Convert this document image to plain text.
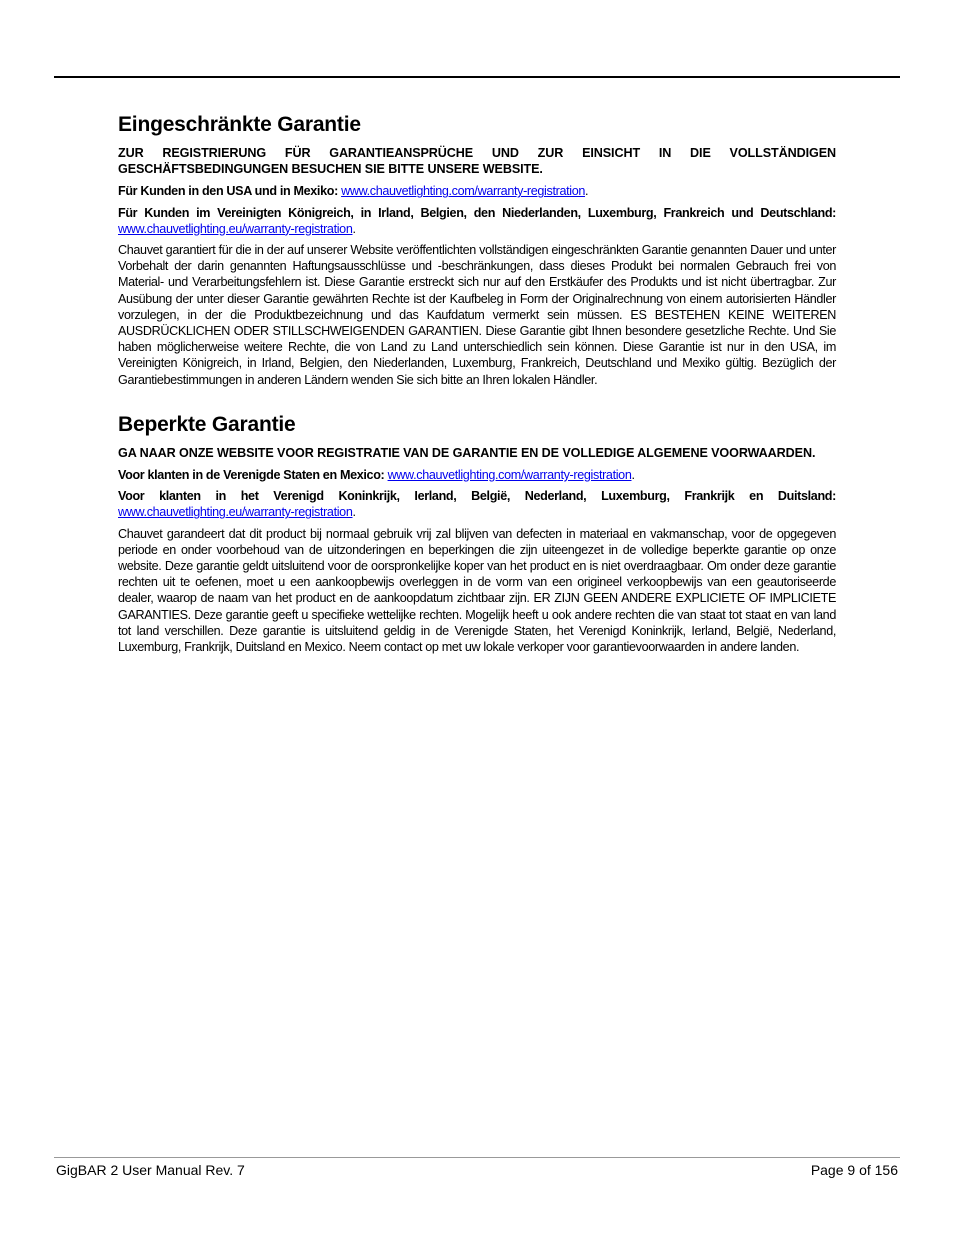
Eingeschränkte Garantie

ZUR REGISTRIERUNG FÜR GARANTIEANSPRÜCHE UND ZUR EINSICHT IN DIE VOLLSTÄNDIGEN GESCHÄFTSBEDINGUNGEN BESUCHEN SIE BITTE UNSERE WEBSITE.

Für Kunden in den USA und in Mexiko: www.chauvetlighting.com/warranty-registration.

Für Kunden im Vereinigten Königreich, in Irland, Belgien, den Niederlanden, Luxemburg, Frankreich und Deutschland: www.chauvetlighting.eu/warranty-registration.

Chauvet garantiert für die in der auf unserer Website veröffentlichten vollständigen eingeschränkten Garantie genannten Dauer und unter Vorbehalt der darin genannten Haftungsausschlüsse und -beschränkungen, dass dieses Produkt bei normalen Gebrauch frei von Material- und Verarbeitungsfehlern ist. Diese Garantie erstreckt sich nur auf den Erstkäufer des Produkts und ist nicht übertragbar. Zur Ausübung der unter dieser Garantie gewährten Rechte ist der Kaufbeleg in Form der Originalrechnung von einem autorisierten Händler vorzulegen, in der die Produktbezeichnung und das Kaufdatum vermerkt sein müssen. ES BESTEHEN KEINE WEITEREN AUSDRÜCKLICHEN ODER STILLSCHWEIGENDEN GARANTIEN. Diese Garantie gibt Ihnen besondere gesetzliche Rechte. Und Sie haben möglicherweise weitere Rechte, die von Land zu Land unterschiedlich sein können. Diese Garantie ist nur in den USA, im Vereinigten Königreich, in Irland, Belgien, den Niederlanden, Luxemburg, Frankreich, Deutschland und Mexiko gültig. Bezüglich der Garantiebestimmungen in anderen Ländern wenden Sie sich bitte an Ihren lokalen Händler.

Beperkte Garantie

GA NAAR ONZE WEBSITE VOOR REGISTRATIE VAN DE GARANTIE EN DE VOLLEDIGE ALGEMENE VOORWAARDEN.

Voor klanten in de Verenigde Staten en Mexico: www.chauvetlighting.com/warranty-registration.

Voor klanten in het Verenigd Koninkrijk, Ierland, België, Nederland, Luxemburg, Frankrijk en Duitsland: www.chauvetlighting.eu/warranty-registration.

Chauvet garandeert dat dit product bij normaal gebruik vrij zal blijven van defecten in materiaal en vakmanschap, voor de opgegeven periode en onder voorbehoud van de uitzonderingen en beperkingen die zijn uiteengezet in de volledige beperkte garantie op onze website. Deze garantie geldt uitsluitend voor de oorspronkelijke koper van het product en is niet overdraagbaar. Om onder deze garantie rechten uit te oefenen, moet u een aankoopbewijs overleggen in de vorm van een origineel verkoopbewijs van een geautoriseerde dealer, waarop de naam van het product en de aankoopdatum zichtbaar zijn. ER ZIJN GEEN ANDERE EXPLICIETE OF IMPLICIETE GARANTIES. Deze garantie geeft u specifieke wettelijke rechten. Mogelijk heeft u ook andere rechten die van staat tot staat en van land tot land verschillen. Deze garantie is uitsluitend geldig in de Verenigde Staten, het Verenigd Koninkrijk, Ierland, België, Nederland, Luxemburg, Frankrijk, Duitsland en Mexico. Neem contact op met uw lokale verkoper voor garantievoorwaarden in andere landen.

GigBAR 2 User Manual Rev. 7	Page 9 of 156
